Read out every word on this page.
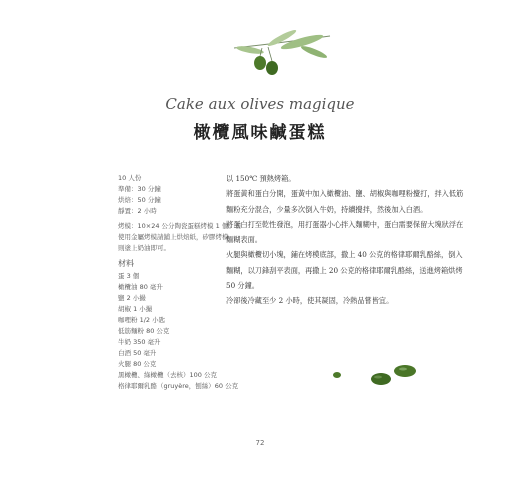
Cake aux olives magique
橄欖風味鹹蛋糕
10 人份
準備：30 分鐘
烘焙：50 分鐘
靜置：2 小時
烤模：10×24 公分陶瓷蛋糕烤模 1 個。若
使用金屬烤模請鋪上烘焙紙，矽膠烤模
則塗上奶油即可。
材料
蛋 3 個
橄欖油 80 毫升
鹽 2 小撮
胡椒 1 小撮
咖哩粉 1/2 小匙
低筋麵粉 80 公克
牛奶 350 毫升
白酒 50 毫升
火腿 80 公克
黑橄欖、綠橄欖（去核）100 公克
格律耶爾乳酪（gruyère，刨絲）60 公克

以 150℃ 預熱烤箱。

將蛋黃和蛋白分開，蛋黃中加入橄欖油、鹽、胡椒與咖哩粉攪打，拌入低筋麵粉充分混合，少量多次倒入牛奶，持續攪拌，然後加入白酒。

將蛋白打至乾性發泡，用打蛋器小心拌入麵糊中，蛋白需要保留大塊狀浮在麵糊表面。

火腿與橄欖切小塊，鋪在烤模底部，撒上 40 公克的格律耶爾乳酪絲，倒入麵糊，以刀鋒刮平表面，再撒上 20 公克的格律耶爾乳酪絲，送進烤箱烘烤 50 分鐘。

冷卻後冷藏至少 2 小時，使其凝固，冷熱品嘗皆宜。

72
